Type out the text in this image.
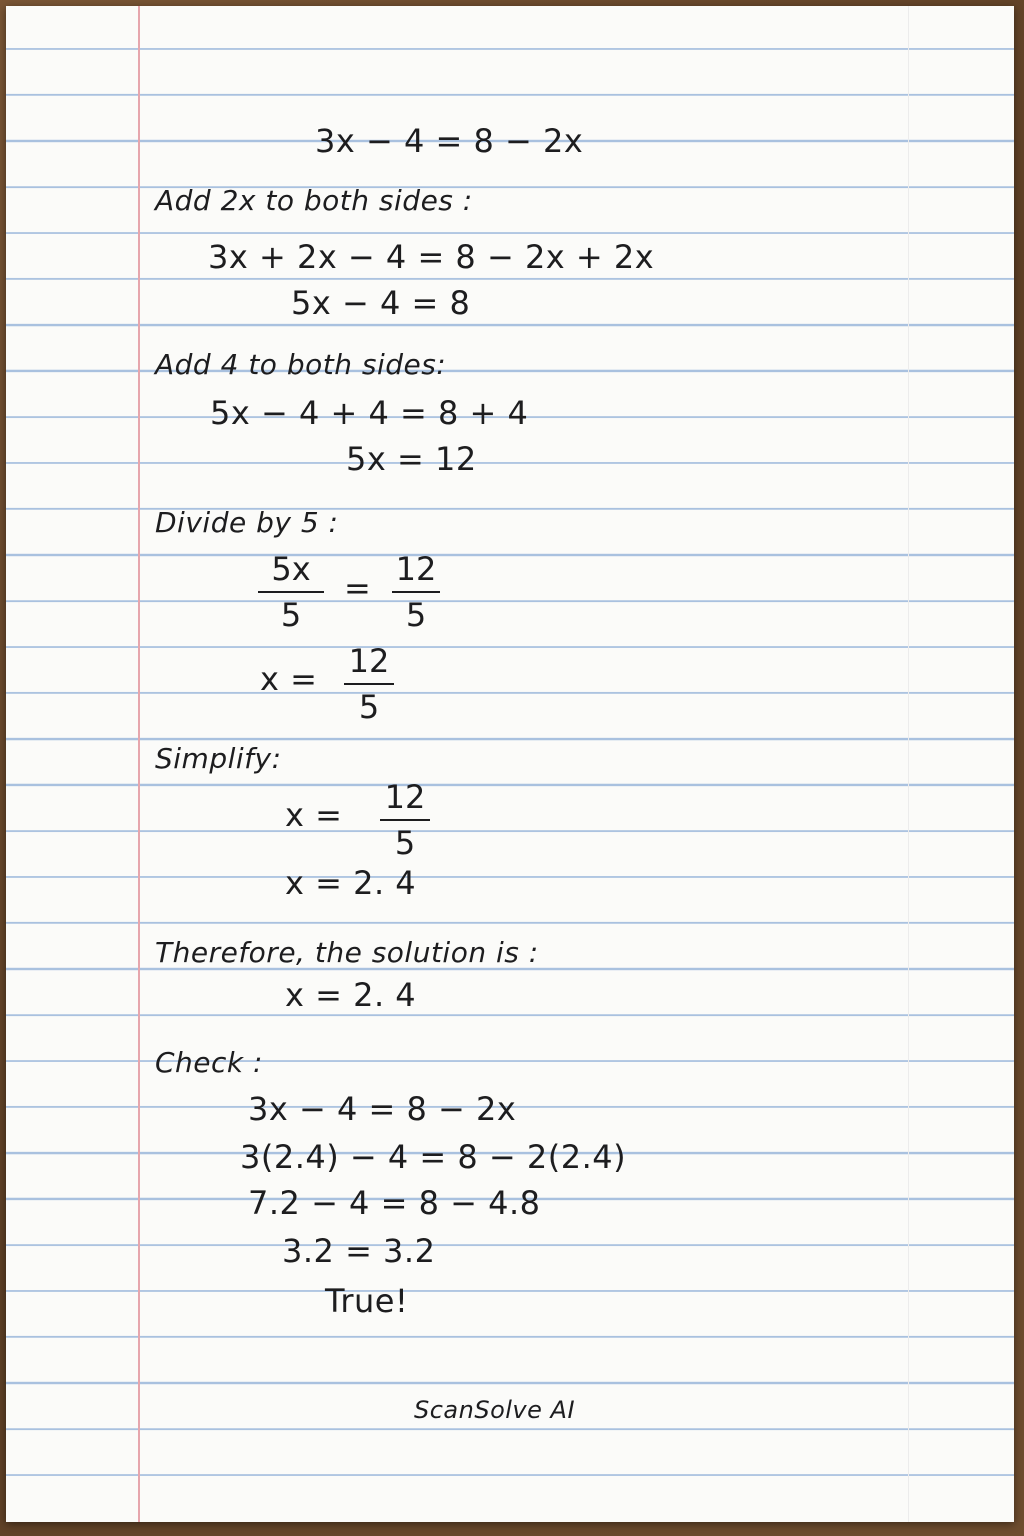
3x − 4 = 8 − 2x
Add 2x to both sides :
3x + 2x − 4 = 8 − 2x + 2x
5x − 4 = 8
Add 4 to both sides:
5x − 4 + 4 = 8 + 4
5x = 12
Divide by 5 :
5x
5
= 12
5
x = 12
5
Simplify:
x = 12
5
x = 2. 4
Therefore, the solution is :
x = 2. 4
Check :
3x − 4 = 8 − 2x
3(2.4) − 4 = 8 − 2(2.4)
7.2 − 4 = 8 − 4.8
3.2 = 3.2
True!
ScanSolve AI
